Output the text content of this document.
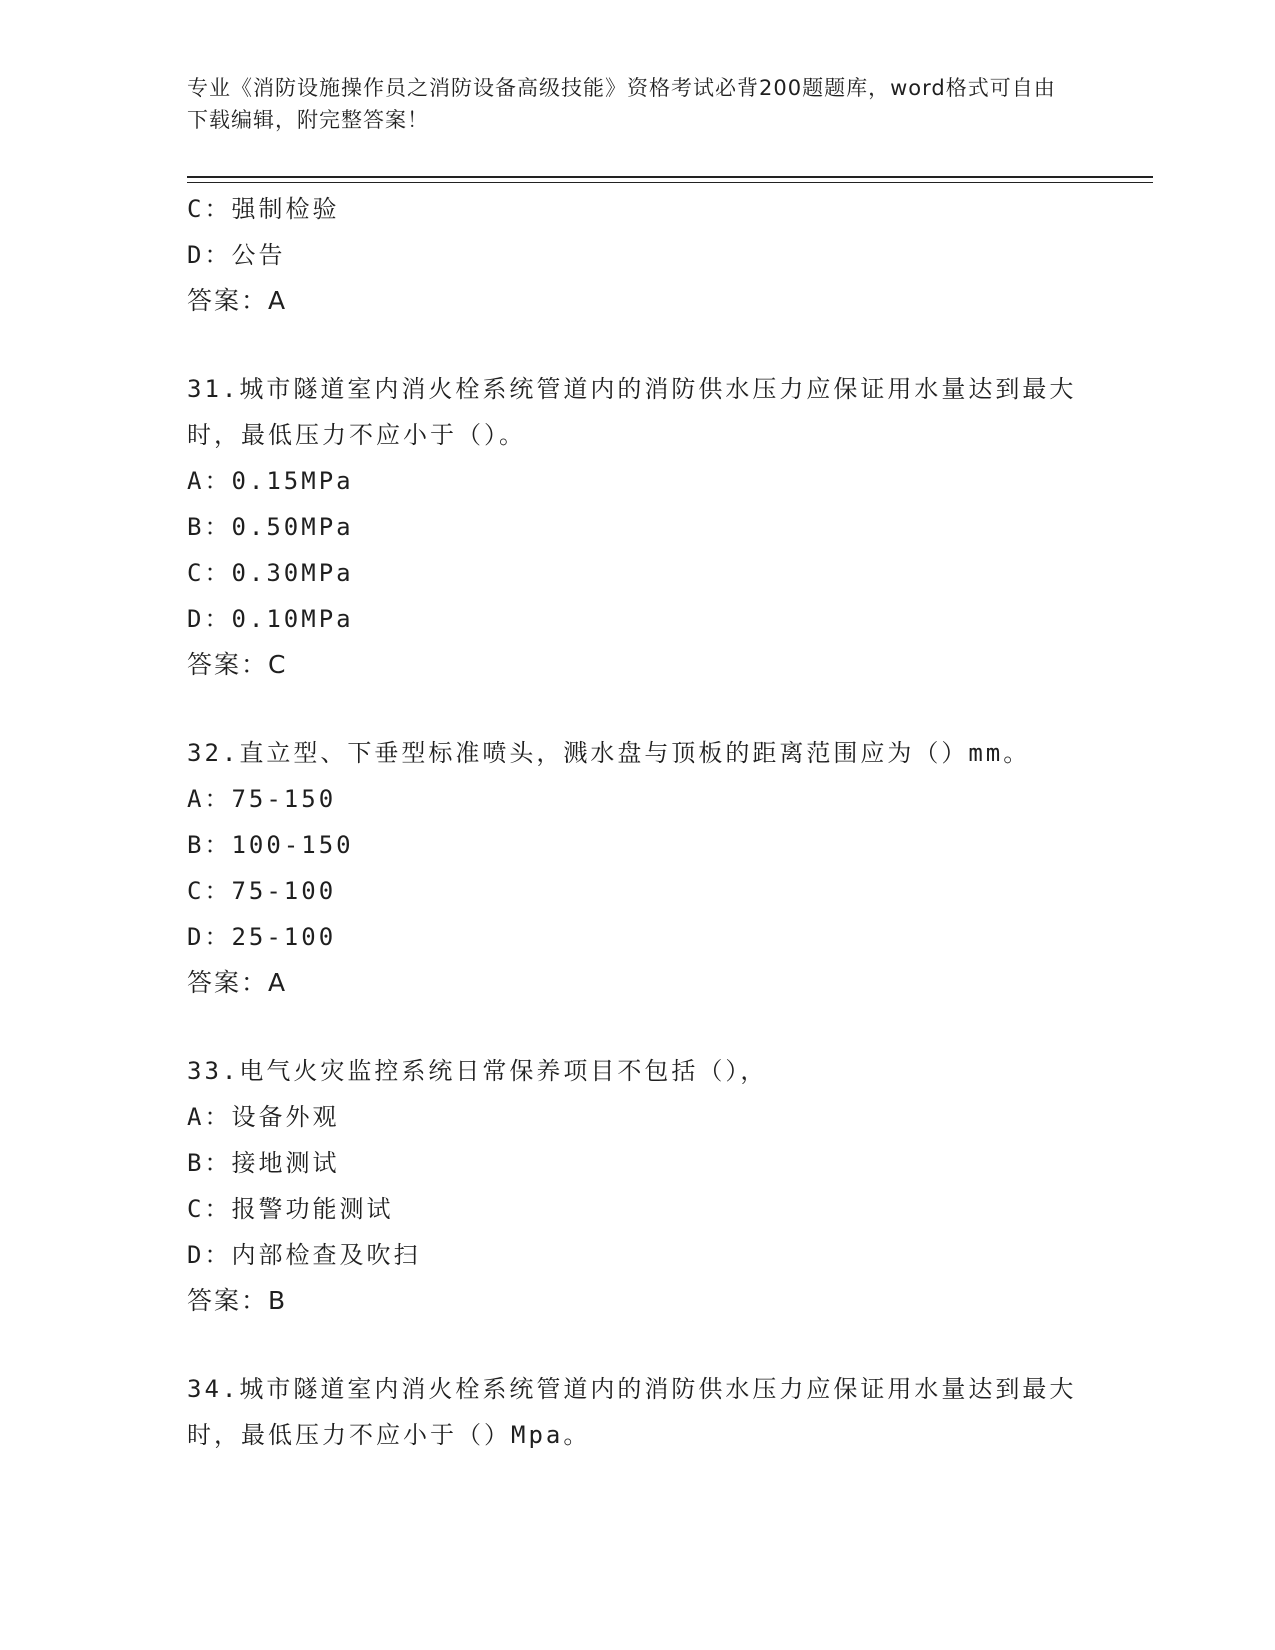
专业《消防设施操作员之消防设备高级技能》资格考试必背200题题库，word格式可自由下载编辑，附完整答案！
C：强制检验
D：公告
答案：A
31.城市隧道室内消火栓系统管道内的消防供水压力应保证用水量达到最大时，最低压力不应小于（）。
A：0.15MPa
B：0.50MPa
C：0.30MPa
D：0.10MPa
答案：C
32.直立型、下垂型标准喷头，溅水盘与顶板的距离范围应为（）mm。
A：75-150
B：100-150
C：75-100
D：25-100
答案：A
33.电气火灾监控系统日常保养项目不包括（），
A：设备外观
B：接地测试
C：报警功能测试
D：内部检查及吹扫
答案：B
34.城市隧道室内消火栓系统管道内的消防供水压力应保证用水量达到最大时，最低压力不应小于（）Mpa。
